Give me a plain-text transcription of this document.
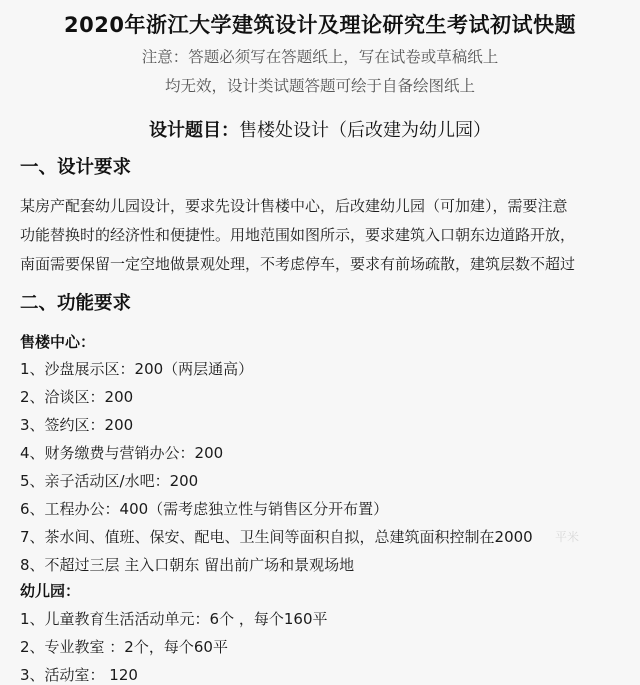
2020年浙江大学建筑设计及理论研究生考试初试快题
注意：答题必须写在答题纸上，写在试卷或草稿纸上
均无效，设计类试题答题可绘于自备绘图纸上
设计题目：售楼处设计（后改建为幼儿园）
一、设计要求
某房产配套幼儿园设计，要求先设计售楼中心，后改建幼儿园（可加建），需要注意
功能替换时的经济性和便捷性。用地范围如图所示，要求建筑入口朝东边道路开放，
南面需要保留一定空地做景观处理，不考虑停车，要求有前场疏散，建筑层数不超过
二、功能要求
售楼中心：
1、沙盘展示区：200（两层通高）
2、洽谈区：200
3、签约区：200
4、财务缴费与营销办公：200
5、亲子活动区/水吧：200
6、工程办公：400（需考虑独立性与销售区分开布置）
7、茶水间、值班、保安、配电、卫生间等面积自拟，总建筑面积控制在2000	平米
8、不超过三层 主入口朝东 留出前广场和景观场地
幼儿园：
1、儿童教育生活活动单元：6个 ，每个160平
2、专业教室 ：2个，每个60平
3、活动室： 120
